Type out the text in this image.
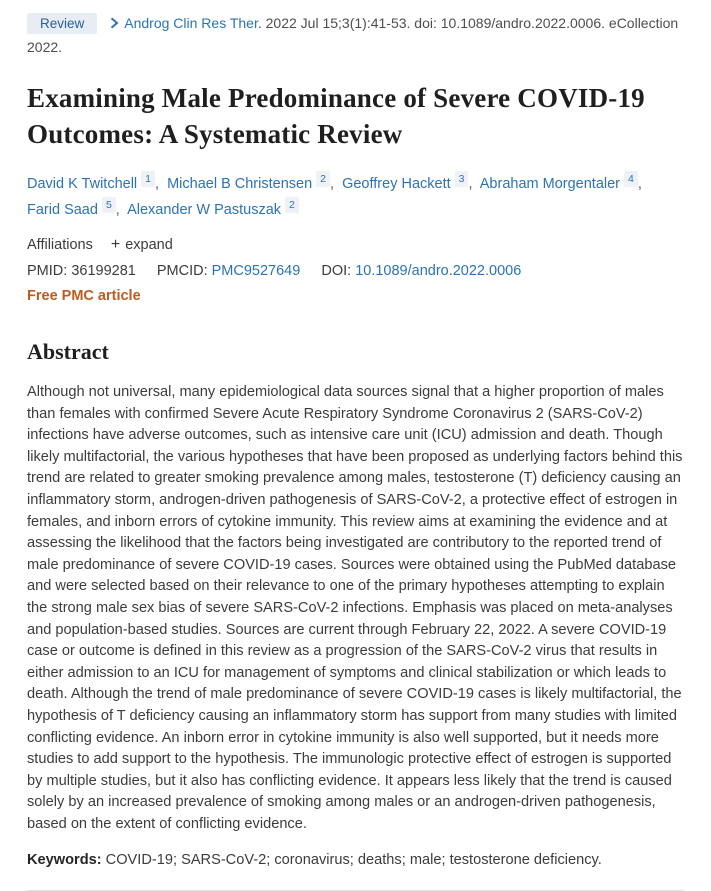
Review	Androg Clin Res Ther. 2022 Jul 15;3(1):41-53. doi: 10.1089/andro.2022.0006. eCollection 2022.
Examining Male Predominance of Severe COVID-19 Outcomes: A Systematic Review
David K Twitchell 1 ,  Michael B Christensen 2 ,  Geoffrey Hackett 3 ,  Abraham Morgentaler 4 ,  Farid Saad 5 ,  Alexander W Pastuszak 2
Affiliations + expand
PMID: 36199281 PMCID: PMC9527649 DOI: 10.1089/andro.2022.0006
Free PMC article
Abstract

Although not universal, many epidemiological data sources signal that a higher proportion of males than females with confirmed Severe Acute Respiratory Syndrome Coronavirus 2 (SARS-CoV-2) infections have adverse outcomes, such as intensive care unit (ICU) admission and death. Though likely multifactorial, the various hypotheses that have been proposed as underlying factors behind this trend are related to greater smoking prevalence among males, testosterone (T) deficiency causing an inflammatory storm, androgen-driven pathogenesis of SARS-CoV-2, a protective effect of estrogen in females, and inborn errors of cytokine immunity. This review aims at examining the evidence and at assessing the likelihood that the factors being investigated are contributory to the reported trend of male predominance of severe COVID-19 cases. Sources were obtained using the PubMed database and were selected based on their relevance to one of the primary hypotheses attempting to explain the strong male sex bias of severe SARS-CoV-2 infections. Emphasis was placed on meta-analyses and population-based studies. Sources are current through February 22, 2022. A severe COVID-19 case or outcome is defined in this review as a progression of the SARS-CoV-2 virus that results in either admission to an ICU for management of symptoms and clinical stabilization or which leads to death. Although the trend of male predominance of severe COVID-19 cases is likely multifactorial, the hypothesis of T deficiency causing an inflammatory storm has support from many studies with limited conflicting evidence. An inborn error in cytokine immunity is also well supported, but it needs more studies to add support to the hypothesis. The immunologic protective effect of estrogen is supported by multiple studies, but it also has conflicting evidence. It appears less likely that the trend is caused solely by an increased prevalence of smoking among males or an androgen-driven pathogenesis, based on the extent of conflicting evidence.

Keywords: COVID-19; SARS-CoV-2; coronavirus; deaths; male; testosterone deficiency.
